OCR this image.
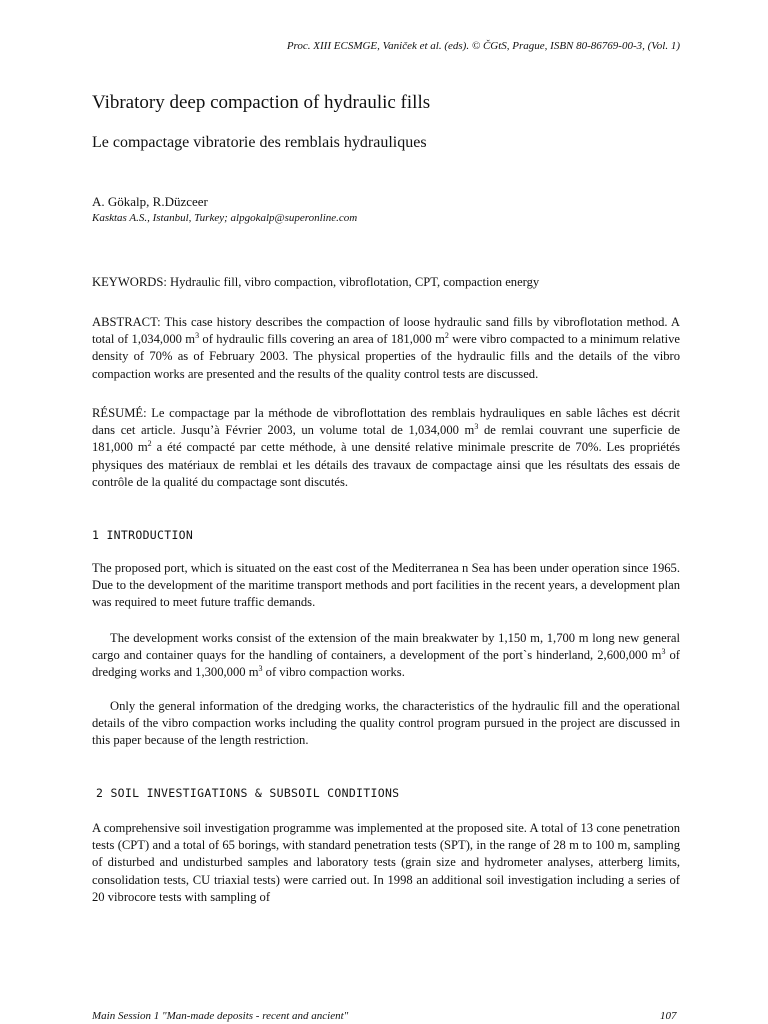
Proc. XIII ECSMGE, Vaniček et al. (eds). © ČGtS, Prague, ISBN 80-86769-00-3, (Vol. 1)
Vibratory deep compaction of hydraulic fills
Le compactage vibratorie des remblais hydrauliques
A. Gökalp, R.Düzceer
Kasktas A.S., Istanbul, Turkey; alpgokalp@superonline.com

KEYWORDS: Hydraulic fill, vibro compaction, vibroflotation, CPT, compaction energy

ABSTRACT: This case history describes the compaction of loose hydraulic sand fills by vibroflotation method. A total of 1,034,000 $m^3$ of hydraulic fills covering an area of 181,000 $m^2$ were vibro compacted to a minimum relative density of 70% as of February 2003. The physical properties of the hydraulic fills and the details of the vibro compaction works are presented and the results of the quality control tests are discussed.

RÉSUMÉ: Le compactage par la méthode de vibroflottation des remblais hydrauliques en sable lâches est décrit dans cet article. Jusqu’à Février 2003, un volume total de 1,034,000 $m^3$ de remlai couvrant une superficie de 181,000 $m^2$ a été compacté par cette méthode, à une densité relative minimale prescrite de 70%. Les propriétés physiques des matériaux de remblai et les détails des travaux de compactage ainsi que les résultats des essais de contrôle de la qualité du compactage sont discutés.

1 INTRODUCTION

The proposed port, which is situated on the east cost of the Mediterranea n Sea has been under operation since 1965. Due to the development of the maritime transport methods and port facilities in the recent years, a development plan was required to meet future traffic demands.

The development works consist of the extension of the main breakwater by 1,150 m, 1,700 m long new general cargo and container quays for the handling of containers, a development of the port`s hinderland, 2,600,000 $m^3$ of dredging works and 1,300,000 $m^3$ of vibro compaction works.

Only the general information of the dredging works, the characteristics of the hydraulic fill and the operational details of the vibro compaction works including the quality control program pursued in the project are discussed in this paper because of the length restriction.

2 SOIL INVESTIGATIONS & SUBSOIL CONDITIONS

A comprehensive soil investigation programme was implemented at the proposed site. A total of 13 cone penetration tests (CPT) and a total of 65 borings, with standard penetration tests (SPT), in the range of 28 m to 100 m, sampling of disturbed and undisturbed samples and laboratory tests (grain size and hydrometer analyses, atterberg limits, consolidation tests, CU triaxial tests) were carried out. In 1998 an additional soil investigation including a series of 20 vibrocore tests with sampling of

Main Session 1 "Man-made deposits - recent and ancient"	107
